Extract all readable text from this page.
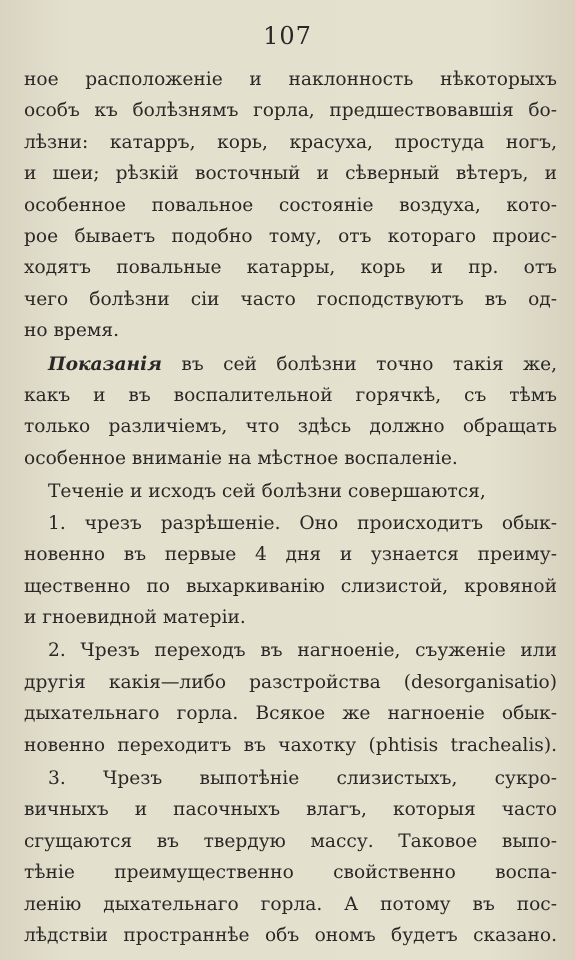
107
ное расположенiе и наклонность нѣкоторыхъ
особъ къ болѣзнямъ горла, предшествовавшiя бо-
лѣзни: катарръ, корь, красуха, простуда ногъ,
и шеи; рѣзкiй восточный и сѣверный вѣтеръ, и
особенное повальное состоянiе воздуха, кото-
рое бываетъ подобно тому, отъ котораго проиc-
ходятъ повальные катарры, корь и пр. отъ
чего болѣзни сiи часто господствуютъ въ од-
но время.
Показанiя въ сей болѣзни точно такiя же,
какъ и въ воспалительной горячкѣ, съ тѣмъ
только различiемъ, что здѣсь должно обращать
особенное вниманiе на мѣстное воспаленiе.
Теченiе и исходъ сей болѣзни совершаются,
1. чрезъ разрѣшенiе. Оно происходитъ обык-
новенно въ первые 4 дня и узнается преиму-
щественно по выхаркиванiю слизистой, кровяной
и гноевидной матерiи.
2. Чрезъ переходъ въ нагноенiе, съуженiе или
другiя какiя—либо разстройства (desorganisatio)
дыхательнаго горла. Всякое же нагноенiе обык-
новенно переходитъ въ чахотку (phtisis trachealis).
3. Чрезъ выпотѣнiе слизистыхъ, сукро-
вичныхъ и пасочныхъ влагъ, которыя часто
сгущаются въ твердую массу. Таковое выпо-
тѣнiе преимущественно свойственно воспа-
ленiю дыхательнаго горла. А потому въ пос-
лѣдствiи пространнѣе объ ономъ будетъ сказано.
